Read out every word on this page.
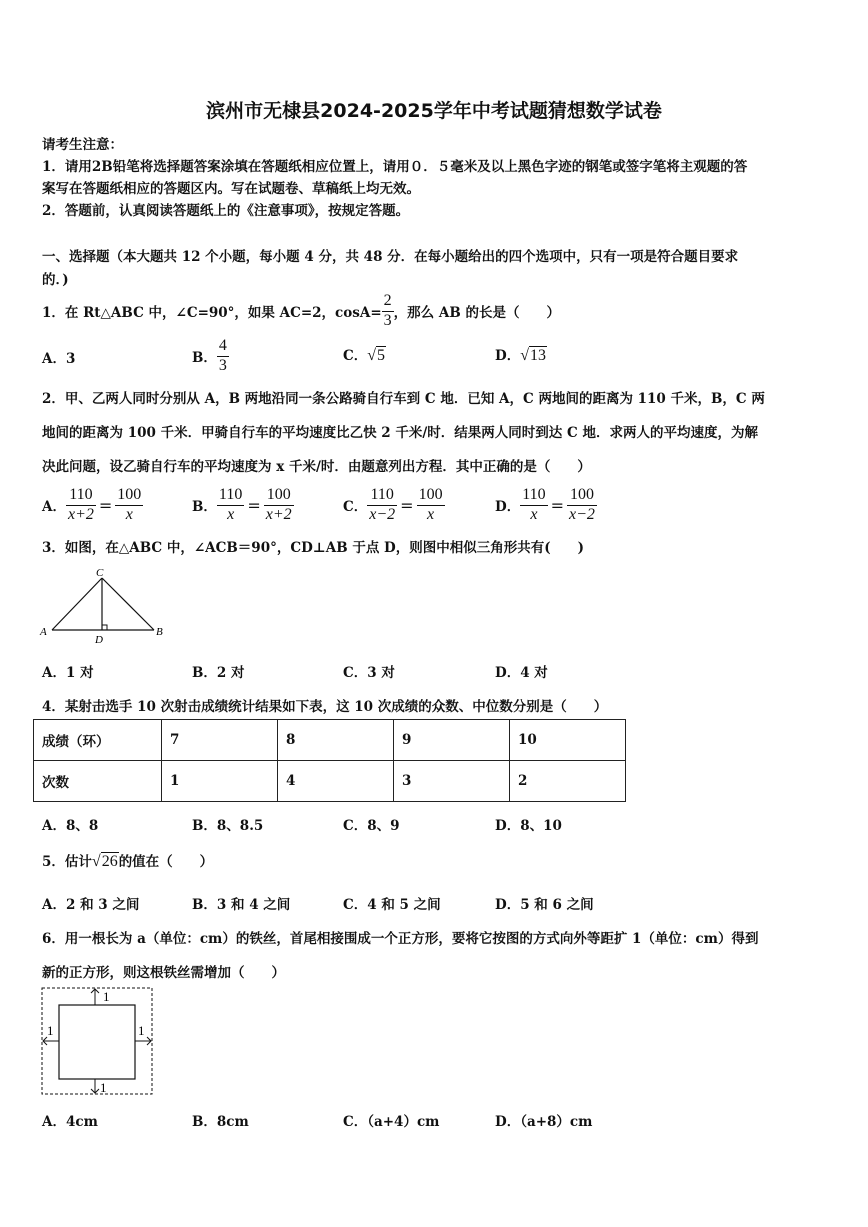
滨州市无棣县2024-2025学年中考试题猜想数学试卷
请考生注意：
1．请用2B铅笔将选择题答案涂填在答题纸相应位置上，请用０．５毫米及以上黑色字迹的钢笔或签字笔将主观题的答
案写在答题纸相应的答题区内。写在试题卷、草稿纸上均无效。
2．答题前，认真阅读答题纸上的《注意事项》，按规定答题。
一、选择题（本大题共 12 个小题，每小题 4 分，共 48 分．在每小题给出的四个选项中，只有一项是符合题目要求
的．)
1．在 Rt△ABC 中，∠C=90°，如果 AC=2，$\cos A= \frac{2}{3}$ ，那么 AB 的长是（　　）
A．3	B． $\frac{4}{3}$	C．√5	D．√13
2．甲、乙两人同时分别从 A，B 两地沿同一条公路骑自行车到 C 地．已知 A，C 两地间的距离为 110 千米，B，C 两
地间的距离为 100 千米．甲骑自行车的平均速度比乙快 2 千米/时．结果两人同时到达 C 地．求两人的平均速度，为解
决此问题，设乙骑自行车的平均速度为 x 千米/时．由题意列出方程．其中正确的是（　　）
A． $\frac{110}{x+2} = \frac{100}{x}$	B． $\frac{110}{x} = \frac{100}{x+2}$	C． $\frac{110}{x-2} = \frac{100}{x}$	D． $\frac{110}{x} = \frac{100}{x-2}$
3．如图，在△ABC 中，∠ACB＝90°，CD⊥AB 于点 D，则图中相似三角形共有(　　)
C
A	B
D
A．1 对	B．2 对	C．3 对	D．4 对
4．某射击选手 10 次射击成绩统计结果如下表，这 10 次成绩的众数、中位数分别是（　　）
成绩（环）	7	8	9	10
次数	1	4	3	2
A．8、8	B．8、8.5	C．8、9	D．8、10
5．估计√26的值在（　　）
A．2 和 3 之间	B．3 和 4 之间	C．4 和 5 之间	D．5 和 6 之间
6．用一根长为 a（单位：cm）的铁丝，首尾相接围成一个正方形，要将它按图的方式向外等距扩 1（单位：cm）得到
新的正方形，则这根铁丝需增加（　　）
1
1	1
1
A．4cm	B．8cm	C．（a+4）cm	D．（a+8）cm
